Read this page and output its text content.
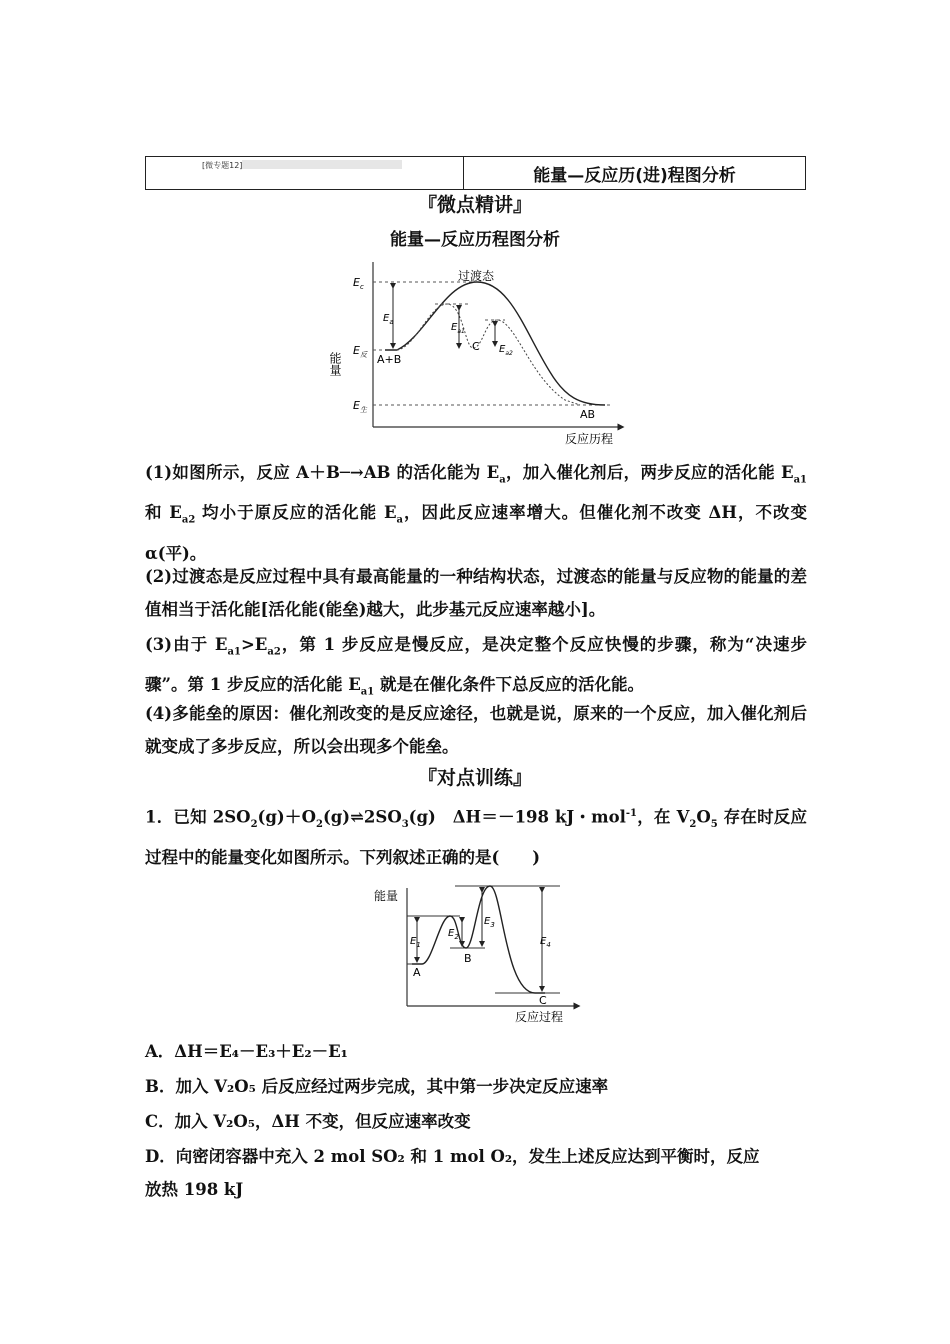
[微专题12]	能量—反应历(进)程图分析
『微点精讲』
能量—反应历程图分析
能量
反应历程
$E_c$
$E_反$
$E_生$
$E_a$	$E_{a1}$
$E_{a2}$
过渡态
C
A+B
AB
(1)如图所示，反应 A＋B─→AB 的活化能为 $E_a$，加入催化剂后，两步反应的活化能 $E_{a1}$ 和 $E_{a2}$ 均小于原反应的活化能 $E_a$，因此反应速率增大。但催化剂不改变 ΔH，不改变 α(平)。
(2)过渡态是反应过程中具有最高能量的一种结构状态，过渡态的能量与反应物的能量的差值相当于活化能[活化能(能垒)越大，此步基元反应速率越小]。
(3)由于 $E_{a1}>E_{a2}$，第 1 步反应是慢反应，是决定整个反应快慢的步骤，称为“决速步骤”。第 1 步反应的活化能 $E_{a1}$ 就是在催化条件下总反应的活化能。
(4)多能垒的原因：催化剂改变的是反应途径，也就是说，原来的一个反应，加入催化剂后就变成了多步反应，所以会出现多个能垒。
『对点训练』
1．已知 $2SO_2(g)+O_2(g)\rightleftharpoons 2SO_3(g)$　ΔH＝－198 kJ・mol$^{-1}$，在 $V_2O_5$ 存在时反应过程中的能量变化如图所示。下列叙述正确的是(　　)
能量
反应过程
$E_1$
$E_2$
$E_3$
$E_4$
A
B
C
A．ΔH＝E₄－E₃＋E₂－E₁
B．加入 V₂O₅ 后反应经过两步完成，其中第一步决定反应速率
C．加入 V₂O₅，ΔH 不变，但反应速率改变
D．向密闭容器中充入 2 mol SO₂ 和 1 mol O₂，发生上述反应达到平衡时，反应
放热 198 kJ
